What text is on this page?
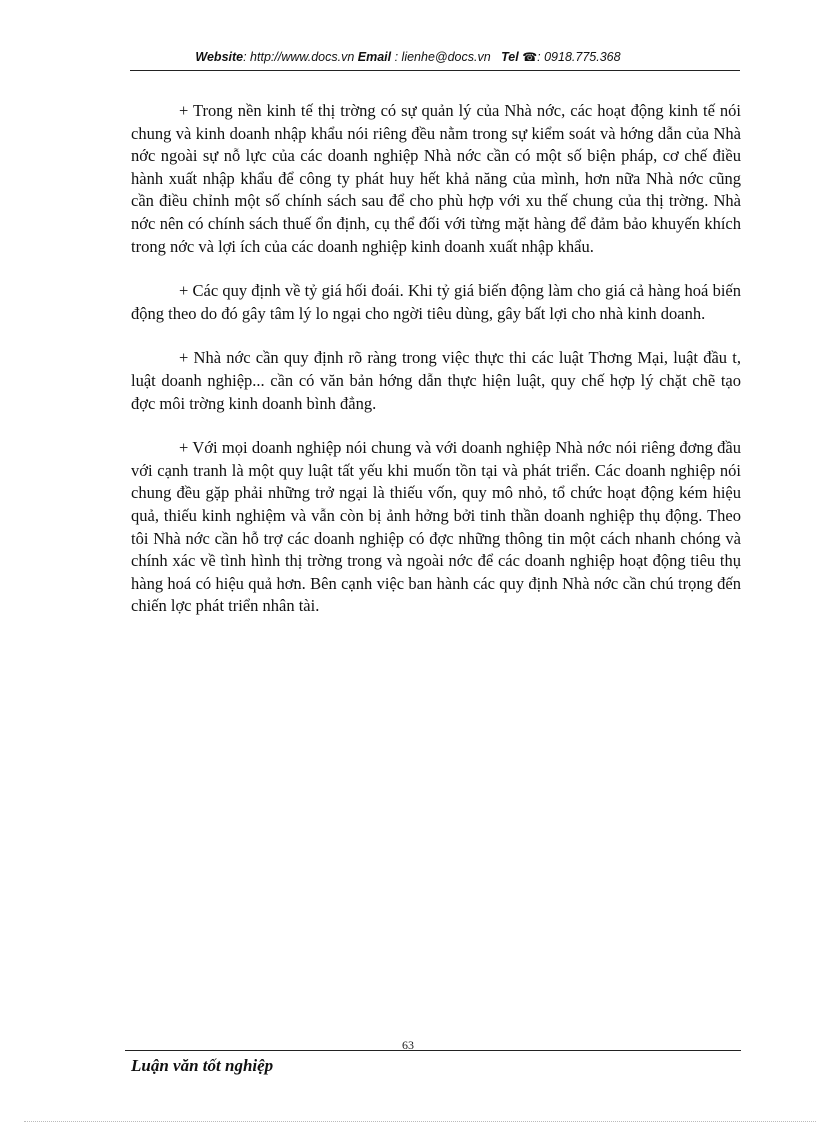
Website: http://www.docs.vn Email : lienhe@docs.vn Tel ☎: 0918.775.368

+ Trong nền kinh tế thị trờng có sự quản lý của Nhà nớc, các hoạt động kinh tế nói chung và kinh doanh nhập khẩu nói riêng đều nằm trong sự kiểm soát và hớng dẫn của Nhà nớc ngoài sự nỗ lực của các doanh nghiệp Nhà nớc cần có một số biện pháp, cơ chế điều hành xuất nhập khẩu để công ty phát huy hết khả năng của mình, hơn nữa Nhà nớc cũng cần điều chỉnh một số chính sách sau để cho phù hợp với xu thế chung của thị trờng. Nhà nớc nên có chính sách thuế ổn định, cụ thể đối với từng mặt hàng để đảm bảo khuyến khích trong nớc và lợi ích của các doanh nghiệp kinh doanh xuất nhập khẩu.

+ Các quy định về tỷ giá hối đoái. Khi tỷ giá biến động làm cho giá cả hàng hoá biến động theo do đó gây tâm lý lo ngại cho ngời tiêu dùng, gây bất lợi cho nhà kinh doanh.

+ Nhà nớc cần quy định rõ ràng trong việc thực thi các luật Thơng Mại, luật đầu t, luật doanh nghiệp... cần có văn bản hớng dẫn thực hiện luật, quy chế hợp lý chặt chẽ tạo đợc môi trờng kinh doanh bình đẳng.

+ Với mọi doanh nghiệp nói chung và với doanh nghiệp Nhà nớc nói riêng đơng đầu với cạnh tranh là một quy luật tất yếu khi muốn tồn tại và phát triển. Các doanh nghiệp nói chung đều gặp phải những trở ngại là thiếu vốn, quy mô nhỏ, tổ chức hoạt động kém hiệu quả, thiếu kinh nghiệm và vẫn còn bị ảnh hởng bởi tinh thần doanh nghiệp thụ động. Theo tôi Nhà nớc cần hỗ trợ các doanh nghiệp có đợc những thông tin một cách nhanh chóng và chính xác về tình hình thị trờng trong và ngoài nớc để các doanh nghiệp hoạt động tiêu thụ hàng hoá có hiệu quả hơn. Bên cạnh việc ban hành các quy định Nhà nớc cần chú trọng đến chiến lợc phát triển nhân tài.

63
Luận văn tốt nghiệp
